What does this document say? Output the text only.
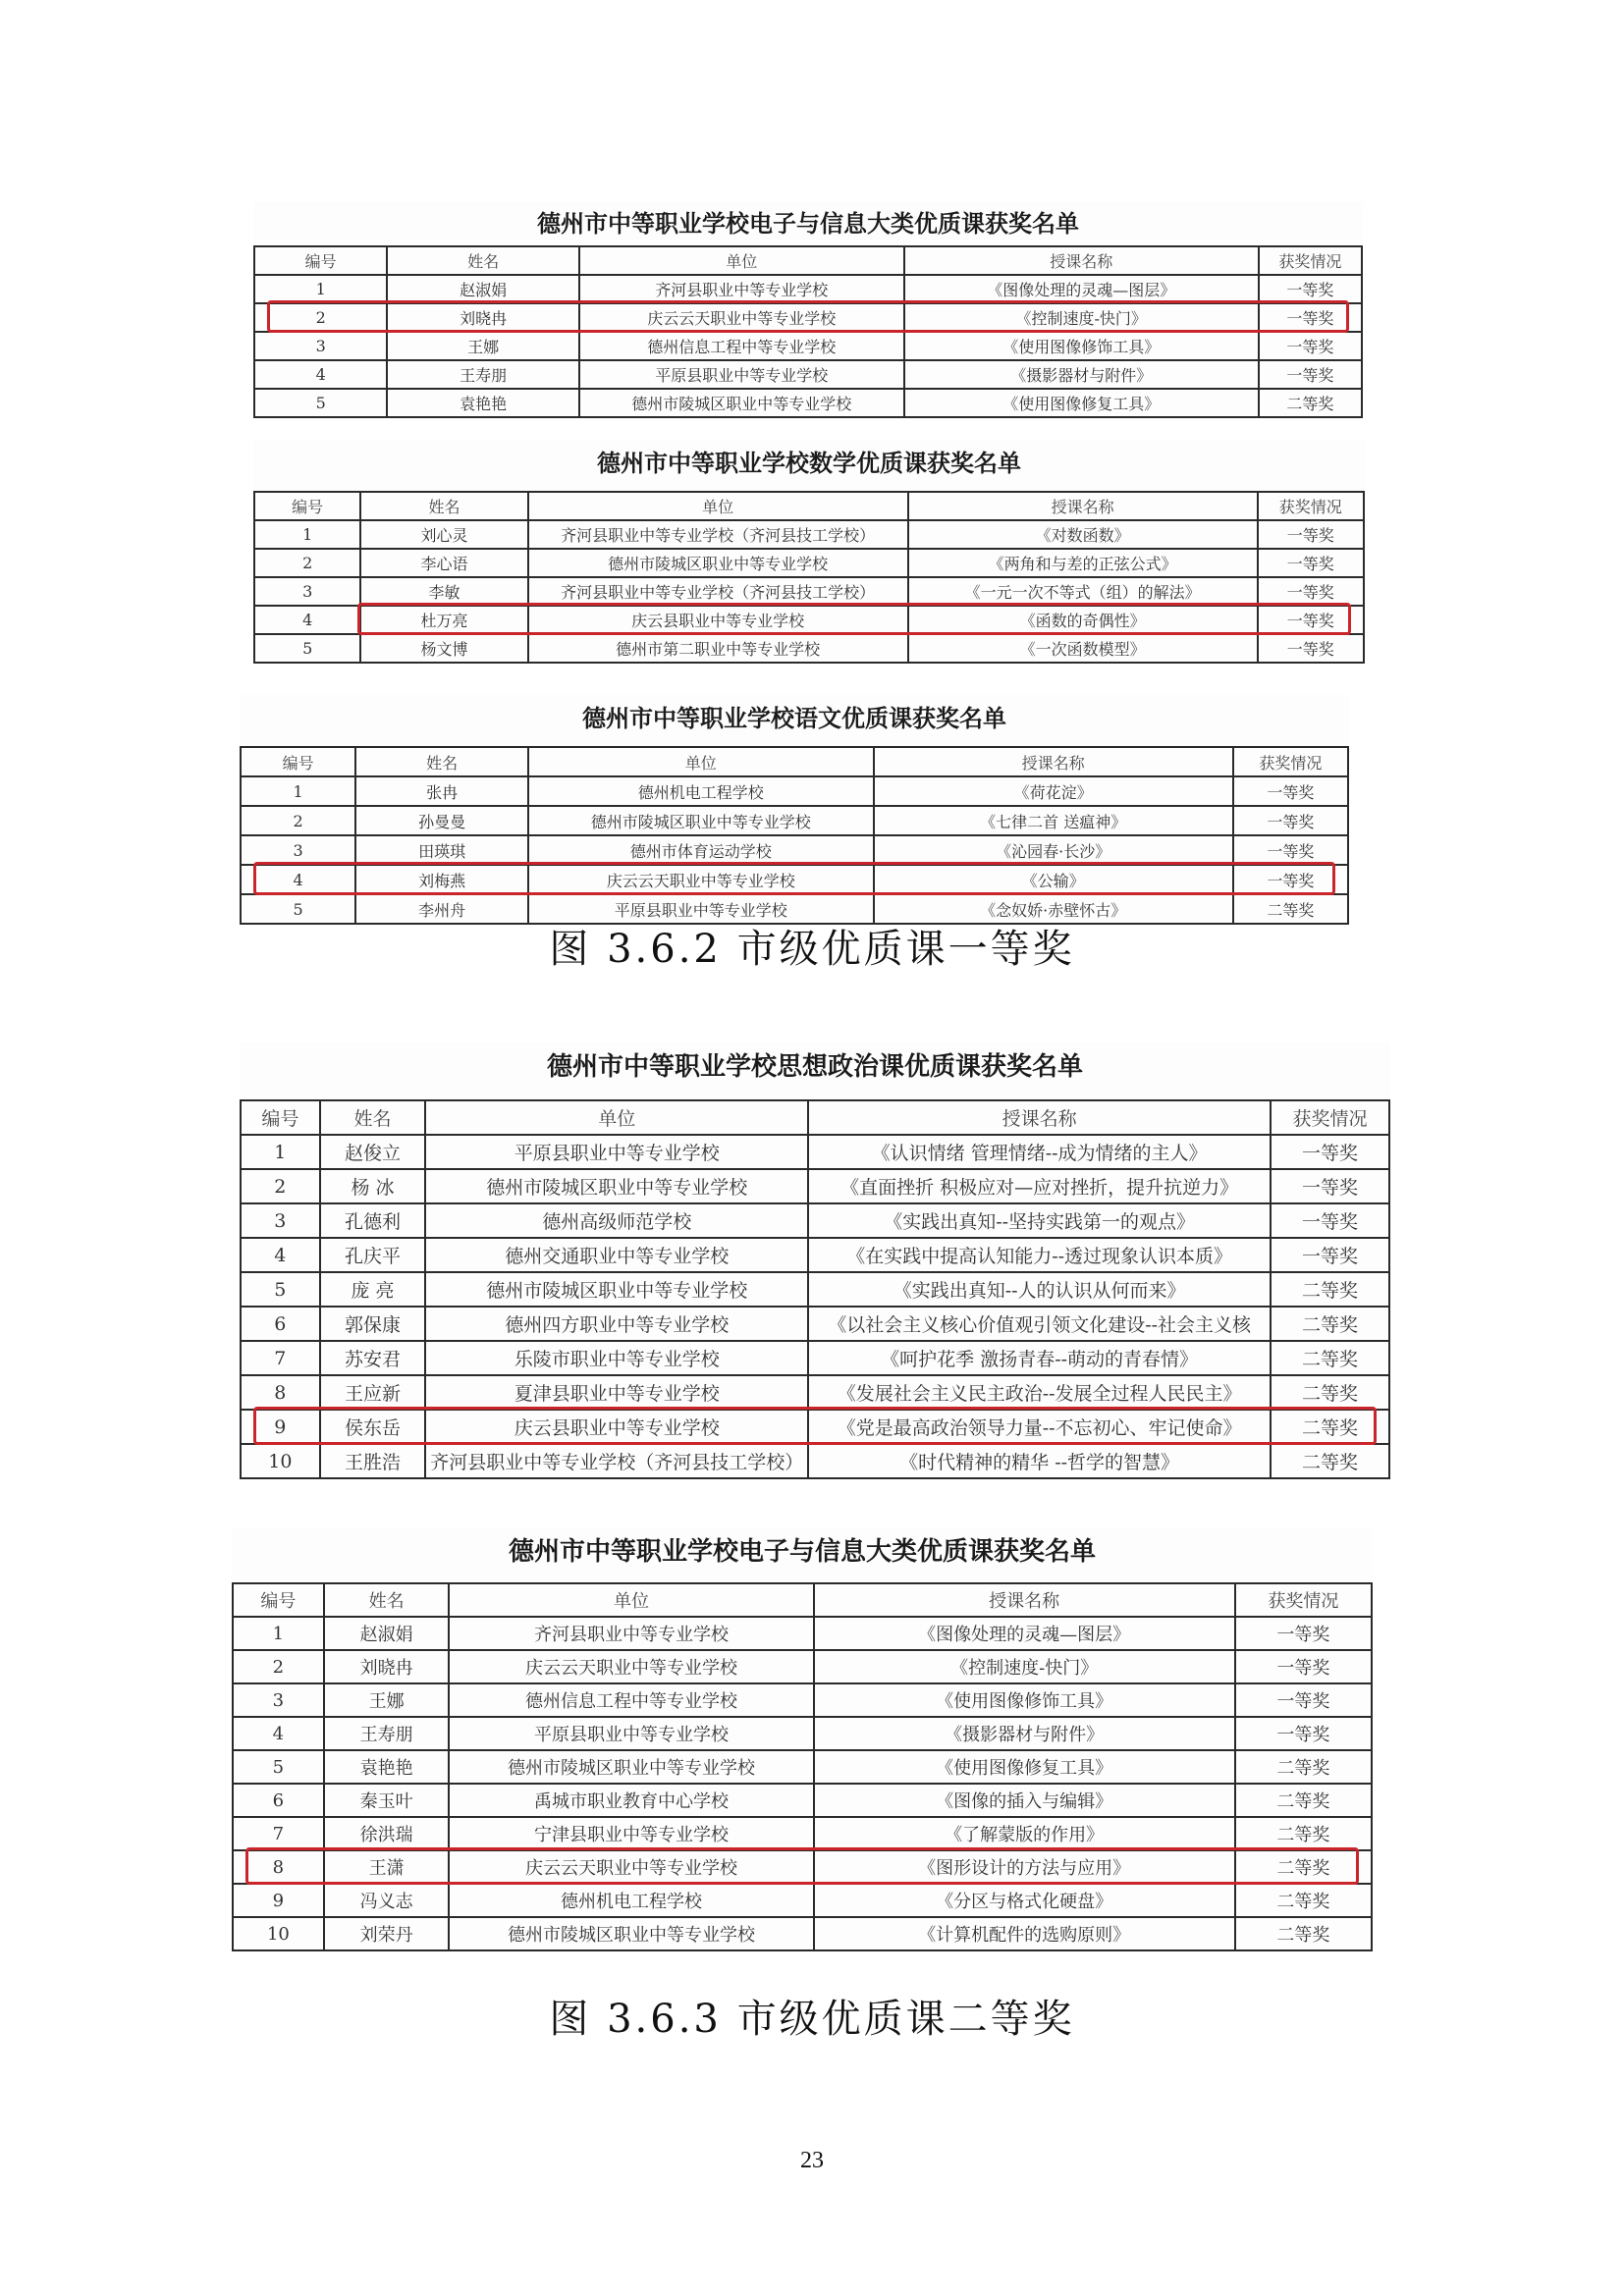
德州市中等职业学校电子与信息大类优质课获奖名单
编号	姓名	单位	授课名称	获奖情况
1	赵淑娟	齐河县职业中等专业学校	《图像处理的灵魂—图层》	一等奖
2	刘晓冉	庆云云天职业中等专业学校	《控制速度-快门》	一等奖
3	王娜	德州信息工程中等专业学校	《使用图像修饰工具》	一等奖
4	王寿朋	平原县职业中等专业学校	《摄影器材与附件》	一等奖
5	袁艳艳	德州市陵城区职业中等专业学校	《使用图像修复工具》	二等奖
德州市中等职业学校数学优质课获奖名单
编号	姓名	单位	授课名称	获奖情况
1	刘心灵	齐河县职业中等专业学校（齐河县技工学校）	《对数函数》	一等奖
2	李心语	德州市陵城区职业中等专业学校	《两角和与差的正弦公式》	一等奖
3	李敏	齐河县职业中等专业学校（齐河县技工学校）	《一元一次不等式（组）的解法》	一等奖
4	杜万亮	庆云县职业中等专业学校	《函数的奇偶性》	一等奖
5	杨文博	德州市第二职业中等专业学校	《一次函数模型》	一等奖
德州市中等职业学校语文优质课获奖名单
编号	姓名	单位	授课名称	获奖情况
1	张冉	德州机电工程学校	《荷花淀》	一等奖
2	孙曼曼	德州市陵城区职业中等专业学校	《七律二首 送瘟神》	一等奖
3	田瑛琪	德州市体育运动学校	《沁园春·长沙》	一等奖
4	刘梅燕	庆云云天职业中等专业学校	《公输》	一等奖
5	李州舟	平原县职业中等专业学校	《念奴娇·赤壁怀古》	二等奖
图 3.6.2 市级优质课一等奖
德州市中等职业学校思想政治课优质课获奖名单
编号	姓名	单位	授课名称	获奖情况
1	赵俊立	平原县职业中等专业学校	《认识情绪 管理情绪--成为情绪的主人》	一等奖
2	杨 冰	德州市陵城区职业中等专业学校	《直面挫折 积极应对—应对挫折，提升抗逆力》	一等奖
3	孔德利	德州高级师范学校	《实践出真知--坚持实践第一的观点》	一等奖
4	孔庆平	德州交通职业中等专业学校	《在实践中提高认知能力--透过现象认识本质》	一等奖
5	庞 亮	德州市陵城区职业中等专业学校	《实践出真知--人的认识从何而来》	二等奖
6	郭保康	德州四方职业中等专业学校	《以社会主义核心价值观引领文化建设--社会主义核	二等奖
7	苏安君	乐陵市职业中等专业学校	《呵护花季 激扬青春--萌动的青春情》	二等奖
8	王应新	夏津县职业中等专业学校	《发展社会主义民主政治--发展全过程人民民主》	二等奖
9	侯东岳	庆云县职业中等专业学校	《党是最高政治领导力量--不忘初心、牢记使命》	二等奖
10	王胜浩	齐河县职业中等专业学校（齐河县技工学校）	《时代精神的精华 --哲学的智慧》	二等奖
德州市中等职业学校电子与信息大类优质课获奖名单
编号	姓名	单位	授课名称	获奖情况
1	赵淑娟	齐河县职业中等专业学校	《图像处理的灵魂—图层》	一等奖
2	刘晓冉	庆云云天职业中等专业学校	《控制速度-快门》	一等奖
3	王娜	德州信息工程中等专业学校	《使用图像修饰工具》	一等奖
4	王寿朋	平原县职业中等专业学校	《摄影器材与附件》	一等奖
5	袁艳艳	德州市陵城区职业中等专业学校	《使用图像修复工具》	二等奖
6	秦玉叶	禹城市职业教育中心学校	《图像的插入与编辑》	二等奖
7	徐洪瑞	宁津县职业中等专业学校	《了解蒙版的作用》	二等奖
8	王潇	庆云云天职业中等专业学校	《图形设计的方法与应用》	二等奖
9	冯义志	德州机电工程学校	《分区与格式化硬盘》	二等奖
10	刘荣丹	德州市陵城区职业中等专业学校	《计算机配件的选购原则》	二等奖
图 3.6.3 市级优质课二等奖
23
